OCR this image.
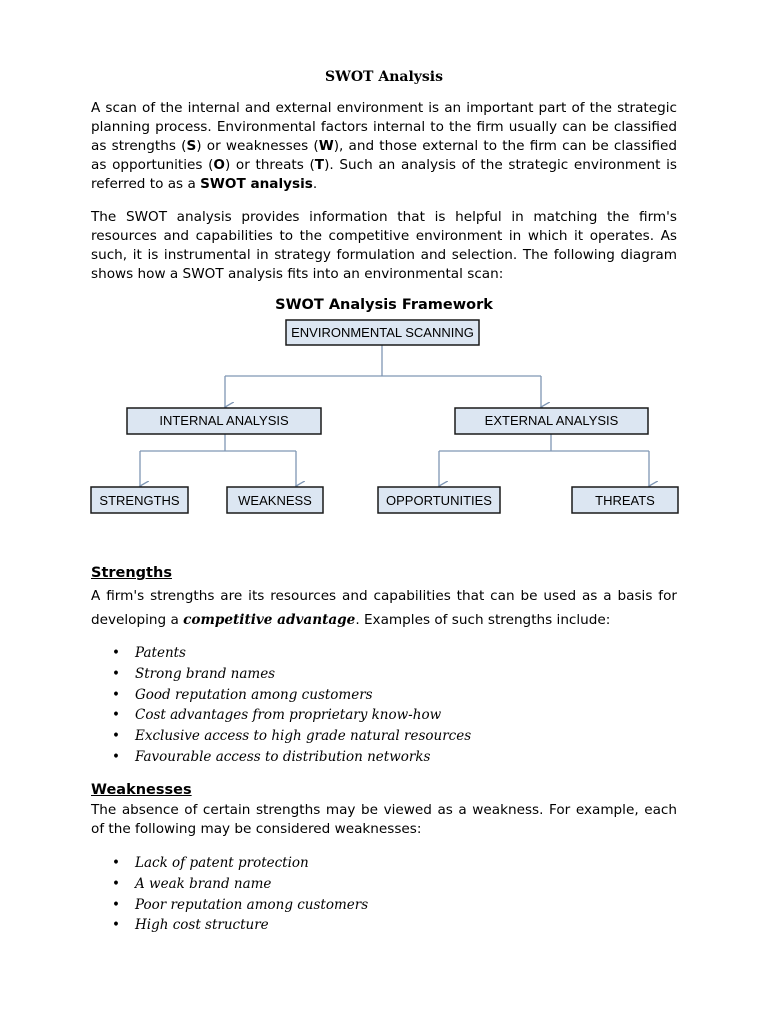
SWOT Analysis
A scan of the internal and external environment is an important part of the strategic
planning process. Environmental factors internal to the firm usually can be classified
as strengths (S) or weaknesses (W), and those external to the firm can be classified
as opportunities (O) or threats (T). Such an analysis of the strategic environment is
referred to as a SWOT analysis.
The SWOT analysis provides information that is helpful in matching the firm's
resources and capabilities to the competitive environment in which it operates. As
such, it is instrumental in strategy formulation and selection. The following diagram
shows how a SWOT analysis fits into an environmental scan:
SWOT Analysis Framework
ENVIRONMENTAL SCANNING
INTERNAL ANALYSIS	EXTERNAL ANALYSIS
STRENGTHS	WEAKNESS	OPPORTUNITIES	THREATS
Strengths
A firm's strengths are its resources and capabilities that can be used as a basis for
developing a competitive advantage. Examples of such strengths include:
• Patents
• Strong brand names
• Good reputation among customers
• Cost advantages from proprietary know-how
• Exclusive access to high grade natural resources
• Favourable access to distribution networks
Weaknesses
The absence of certain strengths may be viewed as a weakness. For example, each
of the following may be considered weaknesses:
• Lack of patent protection
• A weak brand name
• Poor reputation among customers
• High cost structure
